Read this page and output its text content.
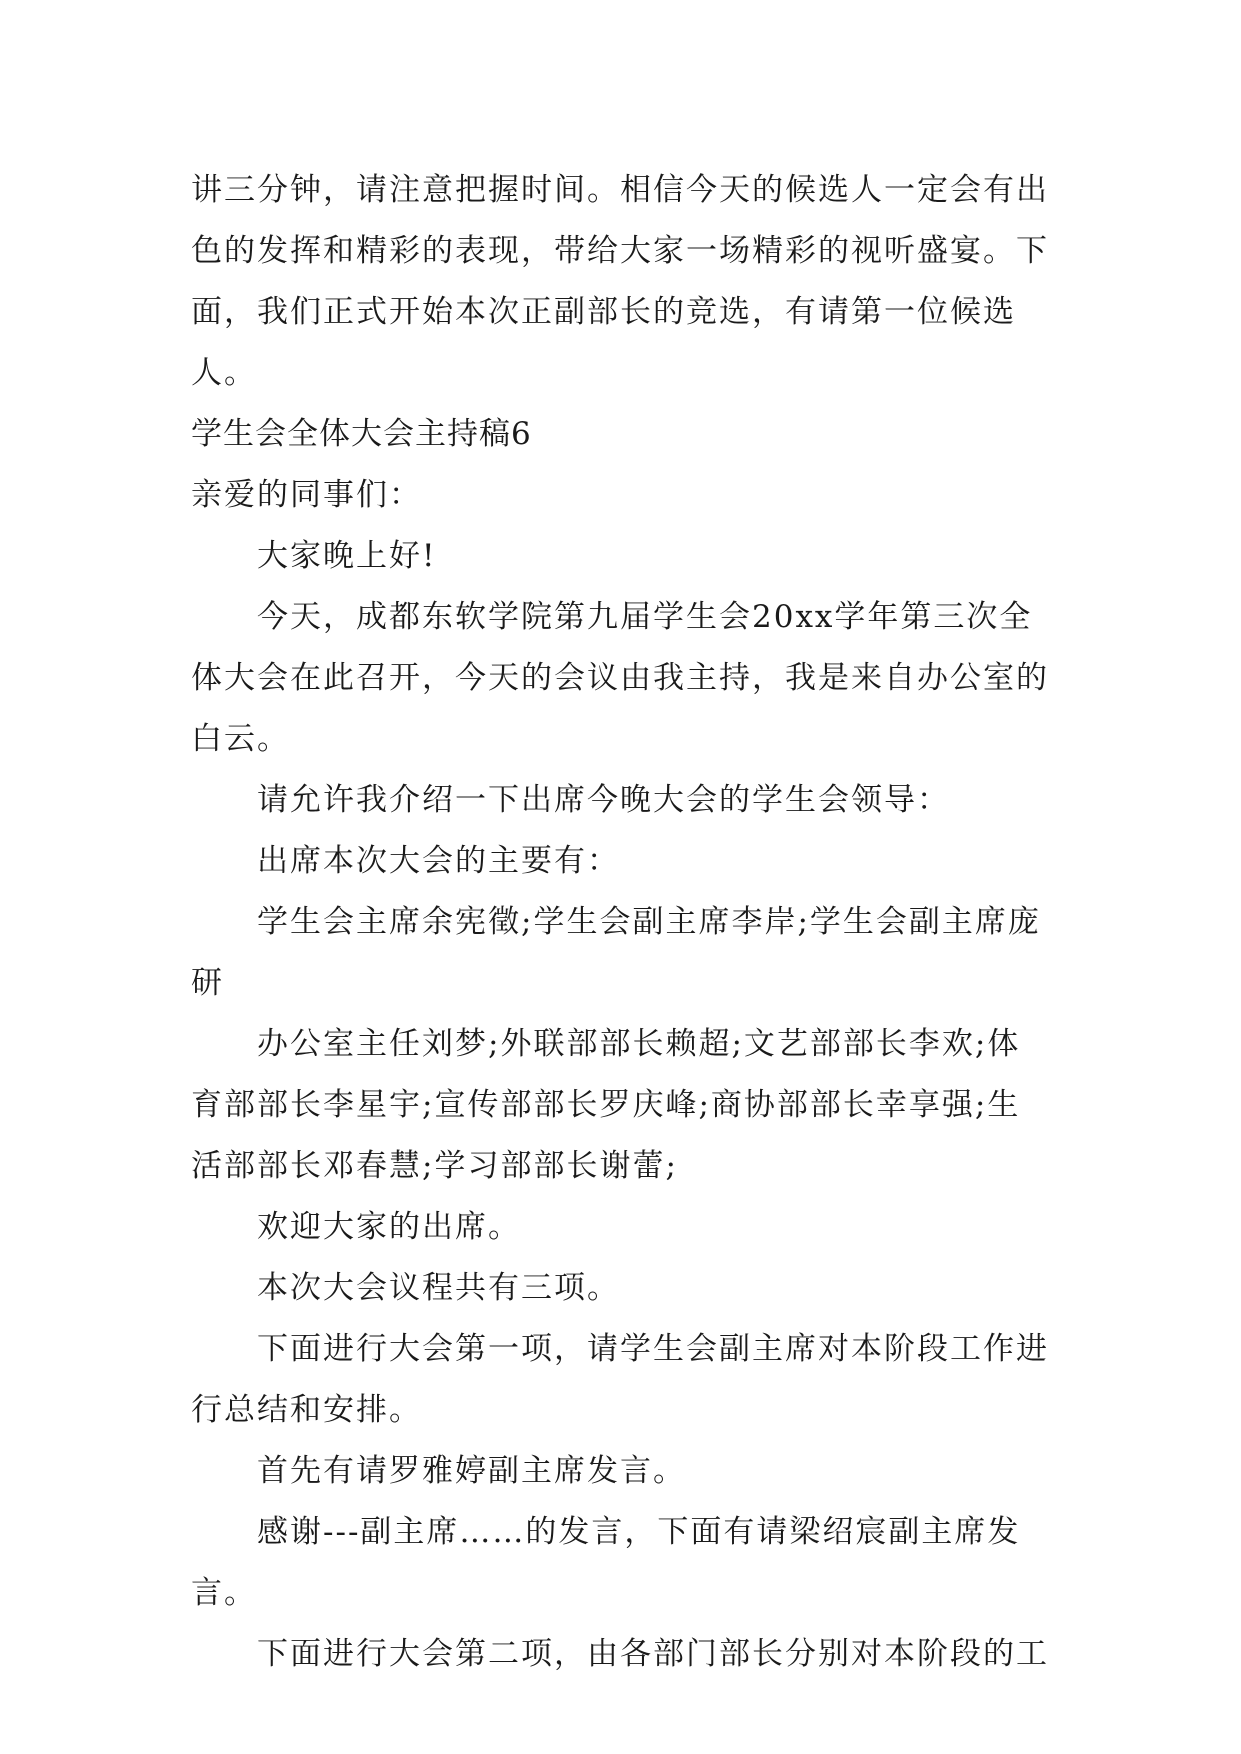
讲三分钟，请注意把握时间。相信今天的候选人一定会有出色的发挥和精彩的表现，带给大家一场精彩的视听盛宴。下面，我们正式开始本次正副部长的竞选，有请第一位候选人。

学生会全体大会主持稿6

亲爱的同事们：

大家晚上好!

今天，成都东软学院第九届学生会20xx学年第三次全体大会在此召开，今天的会议由我主持，我是来自办公室的白云。

请允许我介绍一下出席今晚大会的学生会领导：

出席本次大会的主要有：

学生会主席余宪徵;学生会副主席李岸;学生会副主席庞研

办公室主任刘梦;外联部部长赖超;文艺部部长李欢;体育部部长李星宇;宣传部部长罗庆峰;商协部部长幸享强;生活部部长邓春慧;学习部部长谢蕾;

欢迎大家的出席。

本次大会议程共有三项。

下面进行大会第一项，请学生会副主席对本阶段工作进行总结和安排。

首先有请罗雅婷副主席发言。

感谢---副主席……的发言，下面有请梁绍宸副主席发言。

下面进行大会第二项，由各部门部长分别对本阶段的工
